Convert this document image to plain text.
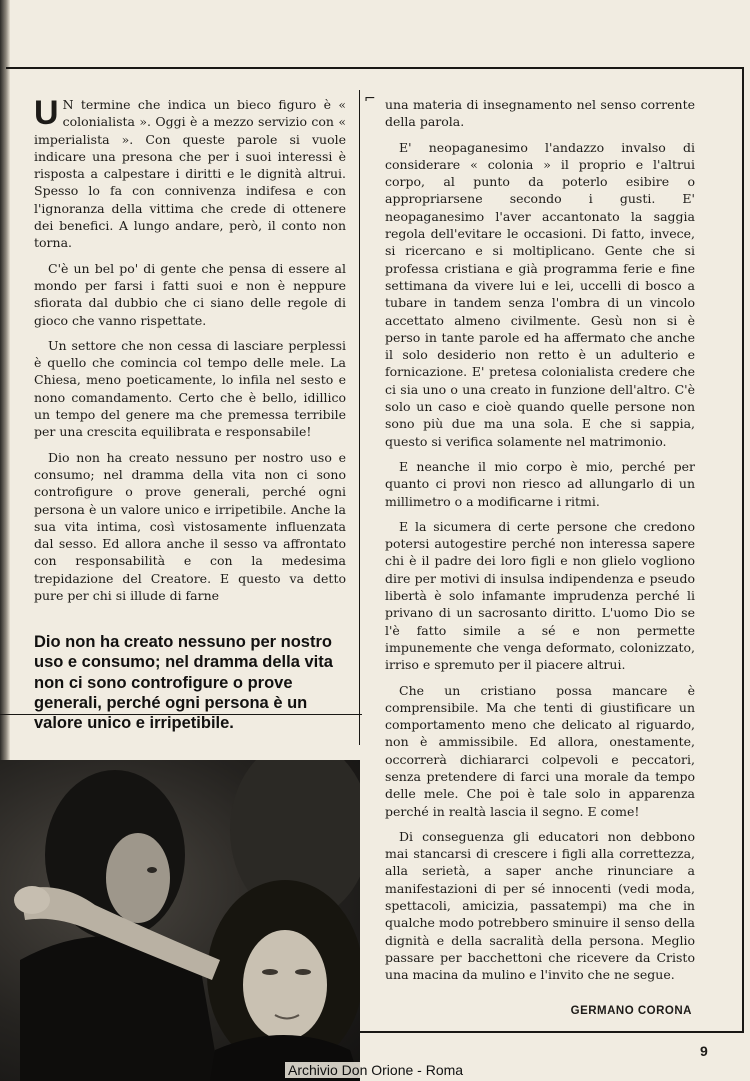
U N termine che indica un bieco figuro è « colonialista ». Oggi è a mezzo servizio con « imperialista ». Con queste parole si vuole indicare una presona che per i suoi interessi è risposta a calpestare i diritti e le dignità altrui. Spesso lo fa con connivenza indifesa e con l'ignoranza della vittima che crede di ottenere dei benefici. A lungo andare, però, il conto non torna.

C'è un bel po' di gente che pensa di essere al mondo per farsi i fatti suoi e non è neppure sfiorata dal dubbio che ci siano delle regole di gioco che vanno rispettate.

Un settore che non cessa di lasciare perplessi è quello che comincia col tempo delle mele. La Chiesa, meno poeticamente, lo infila nel sesto e nono comandamento. Certo che è bello, idillico un tempo del genere ma che premessa terribile per una crescita equilibrata e responsabile!

Dio non ha creato nessuno per nostro uso e consumo; nel dramma della vita non ci sono controfigure o prove generali, perché ogni persona è un valore unico e irripetibile. Anche la sua vita intima, così vistosamente influenzata dal sesso. Ed allora anche il sesso va affrontato con responsabilità e con la medesima trepidazione del Creatore. E questo va detto pure per chi si illude di farne

⌐ una materia di insegnamento nel senso corrente della parola.

E' neopaganesimo l'andazzo invalso di considerare « colonia » il proprio e l'altrui corpo, al punto da poterlo esibire o appropriarsene secondo i gusti. E' neopaganesimo l'aver accantonato la saggia regola dell'evitare le occasioni. Di fatto, invece, si ricercano e si moltiplicano. Gente che si professa cristiana e già programma ferie e fine settimana da vivere lui e lei, uccelli di bosco a tubare in tandem senza l'ombra di un vincolo accettato almeno civilmente. Gesù non si è perso in tante parole ed ha affermato che anche il solo desiderio non retto è un adulterio e fornicazione. E' pretesa colonialista credere che ci sia uno o una creato in funzione dell'altro. C'è solo un caso e cioè quando quelle persone non sono più due ma una sola. E che si sappia, questo si verifica solamente nel matrimonio.

E neanche il mio corpo è mio, perché per quanto ci provi non riesco ad allungarlo di un millimetro o a modificarne i ritmi.

E la sicumera di certe persone che credono potersi autogestire perché non interessa sapere chi è il padre dei loro figli e non glielo vogliono dire per motivi di insulsa indipendenza e pseudo libertà è solo infamante imprudenza perché li privano di un sacrosanto diritto. L'uomo Dio se l'è fatto simile a sé e non permette impunemente che venga deformato, colonizzato, irriso e spremuto per il piacere altrui.

Che un cristiano possa mancare è comprensibile. Ma che tenti di giustificare un comportamento meno che delicato al riguardo, non è ammissibile. Ed allora, onestamente, occorrerà dichiararci colpevoli e peccatori, senza pretendere di farci una morale da tempo delle mele. Che poi è tale solo in apparenza perché in realtà lascia il segno. E come!

Di conseguenza gli educatori non debbono mai stancarsi di crescere i figli alla correttezza, alla serietà, a saper anche rinunciare a manifestazioni di per sé innocenti (vedi moda, spettacoli, amicizia, passatempi) ma che in qualche modo potrebbero sminuire il senso della dignità e della sacralità della persona. Meglio passare per bacchettoni che ricevere da Cristo una macina da mulino e l'invito che ne segue.

Dio non ha creato nessuno per nostro uso e consumo; nel dramma della vita non ci sono controfigure o prove generali, perché ogni persona è un valore unico e irripetibile.

GERMANO CORONA
9
Archivio Don Orione - Roma
